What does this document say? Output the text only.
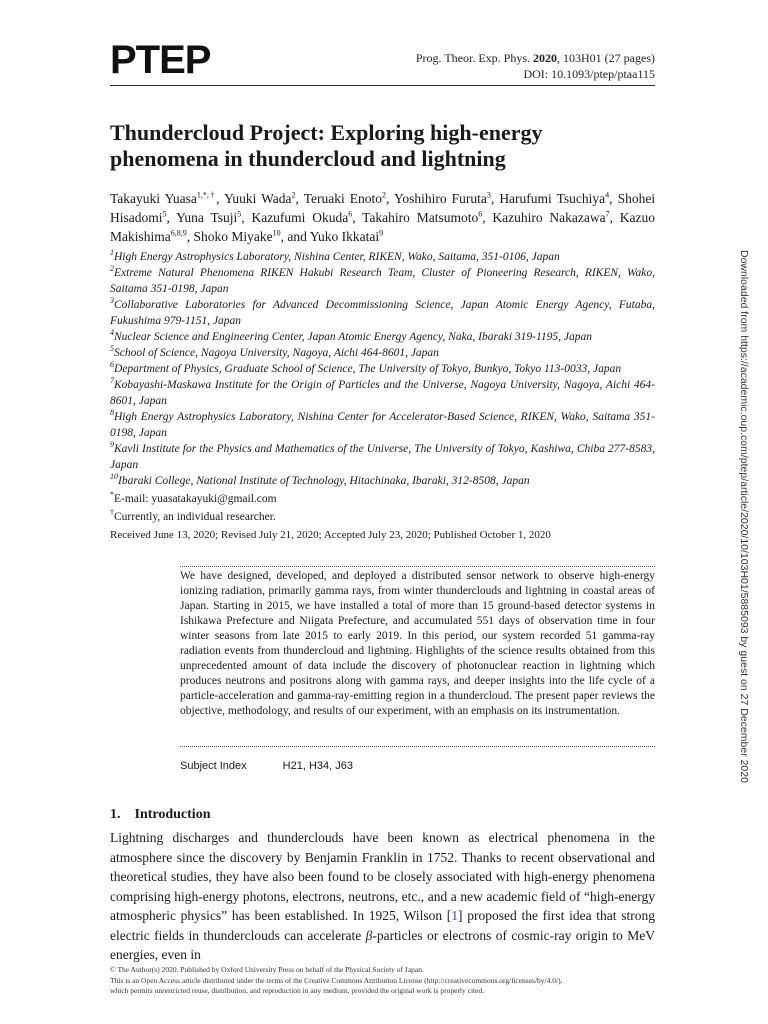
PTEP	Prog. Theor. Exp. Phys. 2020, 103H01 (27 pages)
DOI: 10.1093/ptep/ptaa115
Thundercloud Project: Exploring high-energy phenomena in thundercloud and lightning
Takayuki Yuasa$^{1,*,\dagger}$, Yuuki Wada$^2$, Teruaki Enoto$^2$, Yoshihiro Furuta$^3$, Harufumi Tsuchiya$^4$, Shohei Hisadomi$^5$, Yuna Tsuji$^5$, Kazufumi Okuda$^6$, Takahiro Matsumoto$^6$, Kazuhiro Nakazawa$^7$, Kazuo Makishima$^{6,8,9}$, Shoko Miyake$^{10}$, and Yuko Ikkatai$^9$

$^1$High Energy Astrophysics Laboratory, Nishina Center, RIKEN, Wako, Saitama, 351-0106, Japan

$^2$Extreme Natural Phenomena RIKEN Hakubi Research Team, Cluster of Pioneering Research, RIKEN, Wako, Saitama 351-0198, Japan

$^3$Collaborative Laboratories for Advanced Decommissioning Science, Japan Atomic Energy Agency, Futaba, Fukushima 979-1151, Japan

$^4$Nuclear Science and Engineering Center, Japan Atomic Energy Agency, Naka, Ibaraki 319-1195, Japan

$^5$School of Science, Nagoya University, Nagoya, Aichi 464-8601, Japan

$^6$Department of Physics, Graduate School of Science, The University of Tokyo, Bunkyo, Tokyo 113-0033, Japan

$^7$Kobayashi-Maskawa Institute for the Origin of Particles and the Universe, Nagoya University, Nagoya, Aichi 464-8601, Japan

$^8$High Energy Astrophysics Laboratory, Nishina Center for Accelerator-Based Science, RIKEN, Wako, Saitama 351-0198, Japan

$^9$Kavli Institute for the Physics and Mathematics of the Universe, The University of Tokyo, Kashiwa, Chiba 277-8583, Japan

$^{10}$Ibaraki College, National Institute of Technology, Hitachinaka, Ibaraki, 312-8508, Japan

*E-mail: yuasatakayuki@gmail.com

†Currently, an individual researcher.

Received June 13, 2020; Revised July 21, 2020; Accepted July 23, 2020; Published October 1, 2020
We have designed, developed, and deployed a distributed sensor network to observe high-energy ionizing radiation, primarily gamma rays, from winter thunderclouds and lightning in coastal areas of Japan. Starting in 2015, we have installed a total of more than 15 ground-based detector systems in Ishikawa Prefecture and Niigata Prefecture, and accumulated 551 days of observation time in four winter seasons from late 2015 to early 2019. In this period, our system recorded 51 gamma-ray radiation events from thundercloud and lightning. Highlights of the science results obtained from this unprecedented amount of data include the discovery of photonuclear reaction in lightning which produces neutrons and positrons along with gamma rays, and deeper insights into the life cycle of a particle-acceleration and gamma-ray-emitting region in a thundercloud. The present paper reviews the objective, methodology, and results of our experiment, with an emphasis on its instrumentation.
Subject Index	H21, H34, J63
1. Introduction
Lightning discharges and thunderclouds have been known as electrical phenomena in the atmosphere since the discovery by Benjamin Franklin in 1752. Thanks to recent observational and theoretical studies, they have also been found to be closely associated with high-energy phenomena comprising high-energy photons, electrons, neutrons, etc., and a new academic field of “high-energy atmospheric physics” has been established. In 1925, Wilson [1] proposed the first idea that strong electric fields in thunderclouds can accelerate β-particles or electrons of cosmic-ray origin to MeV energies, even in
© The Author(s) 2020. Published by Oxford University Press on behalf of the Physical Society of Japan.
This is an Open Access article distributed under the terms of the Creative Commons Attribution License (http://creativecommons.org/licenses/by/4.0/),
which permits unrestricted reuse, distribution, and reproduction in any medium, provided the original work is properly cited.
Downloaded from https://academic.oup.com/ptep/article/2020/10/103H01/5885093 by guest on 27 December 2020
